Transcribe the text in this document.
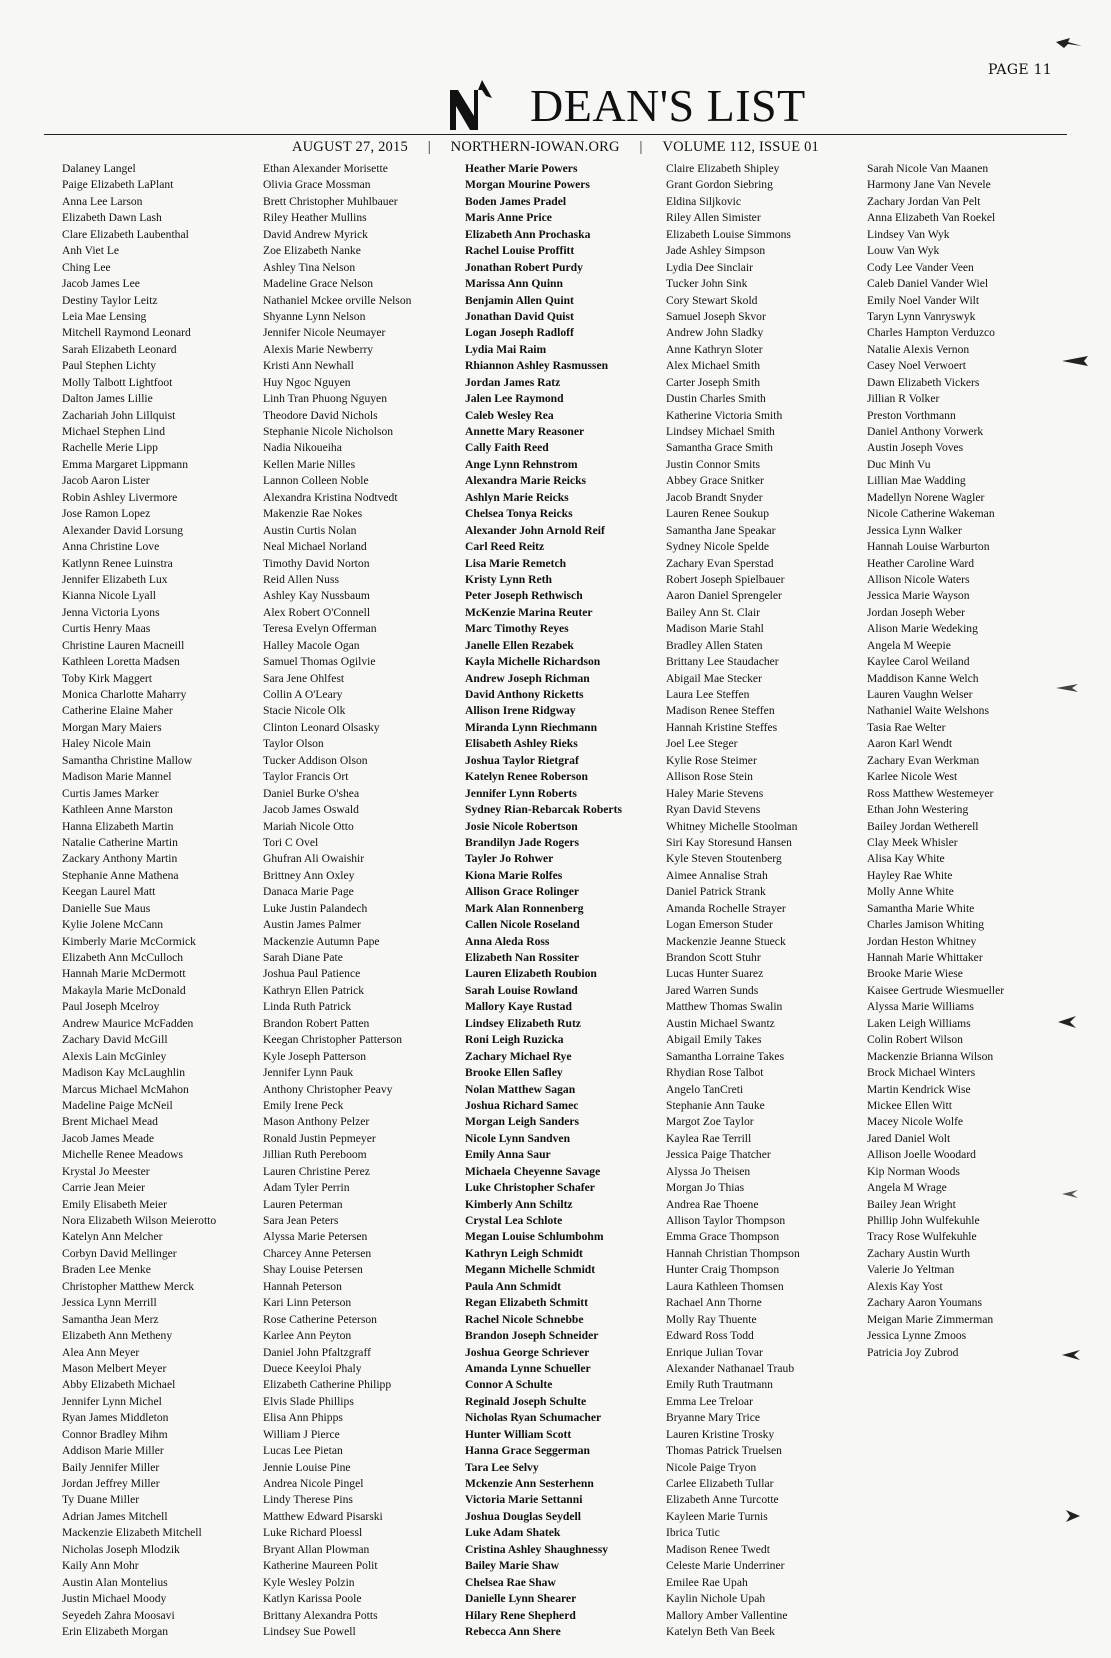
PAGE 11
DEAN'S LIST
AUGUST 27, 2015 | NORTHERN-IOWAN.ORG | VOLUME 112, ISSUE 01
Dalaney Langel
Paige Elizabeth LaPlant
Anna Lee Larson
Elizabeth Dawn Lash
Clare Elizabeth Laubenthal
Anh Viet Le
Ching Lee
Jacob James Lee
Destiny Taylor Leitz
Leia Mae Lensing
Mitchell Raymond Leonard
Sarah Elizabeth Leonard
Paul Stephen Lichty
Molly Talbott Lightfoot
Dalton James Lillie
Zachariah John Lillquist
Michael Stephen Lind
Rachelle Merie Lipp
Emma Margaret Lippmann
Jacob Aaron Lister
Robin Ashley Livermore
Jose Ramon Lopez
Alexander David Lorsung
Anna Christine Love
Katlynn Renee Luinstra
Jennifer Elizabeth Lux
Kianna Nicole Lyall
Jenna Victoria Lyons
Curtis Henry Maas
Christine Lauren Macneill
Kathleen Loretta Madsen
Toby Kirk Maggert
Monica Charlotte Maharry
Catherine Elaine Maher
Morgan Mary Maiers
Haley Nicole Main
Samantha Christine Mallow
Madison Marie Mannel
Curtis James Marker
Kathleen Anne Marston
Hanna Elizabeth Martin
Natalie Catherine Martin
Zackary Anthony Martin
Stephanie Anne Mathena
Keegan Laurel Matt
Danielle Sue Maus
Kylie Jolene McCann
Kimberly Marie McCormick
Elizabeth Ann McCulloch
Hannah Marie McDermott
Makayla Marie McDonald
Paul Joseph Mcelroy
Andrew Maurice McFadden
Zachary David McGill
Alexis Lain McGinley
Madison Kay McLaughlin
Marcus Michael McMahon
Madeline Paige McNeil
Brent Michael Mead
Jacob James Meade
Michelle Renee Meadows
Krystal Jo Meester
Carrie Jean Meier
Emily Elisabeth Meier
Nora Elizabeth Wilson Meierotto
Katelyn Ann Melcher
Corbyn David Mellinger
Braden Lee Menke
Christopher Matthew Merck
Jessica Lynn Merrill
Samantha Jean Merz
Elizabeth Ann Metheny
Alea Ann Meyer
Mason Melbert Meyer
Abby Elizabeth Michael
Jennifer Lynn Michel
Ryan James Middleton
Connor Bradley Mihm
Addison Marie Miller
Baily Jennifer Miller
Jordan Jeffrey Miller
Ty Duane Miller
Adrian James Mitchell
Mackenzie Elizabeth Mitchell
Nicholas Joseph Mlodzik
Kaily Ann Mohr
Austin Alan Montelius
Justin Michael Moody
Seyedeh Zahra Moosavi
Erin Elizabeth Morgan
Ethan Alexander Morisette
Olivia Grace Mossman
Brett Christopher Muhlbauer
Riley Heather Mullins
David Andrew Myrick
Zoe Elizabeth Nanke
Ashley Tina Nelson
Madeline Grace Nelson
Nathaniel Mckee orville Nelson
Shyanne Lynn Nelson
Jennifer Nicole Neumayer
Alexis Marie Newberry
Kristi Ann Newhall
Huy Ngoc Nguyen
Linh Tran Phuong Nguyen
Theodore David Nichols
Stephanie Nicole Nicholson
Nadia Nikoueiha
Kellen Marie Nilles
Lannon Colleen Noble
Alexandra Kristina Nodtvedt
Makenzie Rae Nokes
Austin Curtis Nolan
Neal Michael Norland
Timothy David Norton
Reid Allen Nuss
Ashley Kay Nussbaum
Alex Robert O'Connell
Teresa Evelyn Offerman
Halley Macole Ogan
Samuel Thomas Ogilvie
Sara Jene Ohlfest
Collin A O'Leary
Stacie Nicole Olk
Clinton Leonard Olsasky
Taylor Olson
Tucker Addison Olson
Taylor Francis Ort
Daniel Burke O'shea
Jacob James Oswald
Mariah Nicole Otto
Tori C Ovel
Ghufran Ali Owaishir
Brittney Ann Oxley
Danaca Marie Page
Luke Justin Palandech
Austin James Palmer
Mackenzie Autumn Pape
Sarah Diane Pate
Joshua Paul Patience
Kathryn Ellen Patrick
Linda Ruth Patrick
Brandon Robert Patten
Keegan Christopher Patterson
Kyle Joseph Patterson
Jennifer Lynn Pauk
Anthony Christopher Peavy
Emily Irene Peck
Mason Anthony Pelzer
Ronald Justin Pepmeyer
Jillian Ruth Pereboom
Lauren Christine Perez
Adam Tyler Perrin
Lauren Peterman
Sara Jean Peters
Alyssa Marie Petersen
Charcey Anne Petersen
Shay Louise Petersen
Hannah Peterson
Kari Linn Peterson
Rose Catherine Peterson
Karlee Ann Peyton
Daniel John Pfaltzgraff
Duece Keeyloi Phaly
Elizabeth Catherine Philipp
Elvis Slade Phillips
Elisa Ann Phipps
William J Pierce
Lucas Lee Pietan
Jennie Louise Pine
Andrea Nicole Pingel
Lindy Therese Pins
Matthew Edward Pisarski
Luke Richard Ploessl
Bryant Allan Plowman
Katherine Maureen Polit
Kyle Wesley Polzin
Katlyn Karissa Poole
Brittany Alexandra Potts
Lindsey Sue Powell
Heather Marie Powers
Morgan Mourine Powers
Boden James Pradel
Maris Anne Price
Elizabeth Ann Prochaska
Rachel Louise Proffitt
Jonathan Robert Purdy
Marissa Ann Quinn
Benjamin Allen Quint
Jonathan David Quist
Logan Joseph Radloff
Lydia Mai Raim
Rhiannon Ashley Rasmussen
Jordan James Ratz
Jalen Lee Raymond
Caleb Wesley Rea
Annette Mary Reasoner
Cally Faith Reed
Ange Lynn Rehnstrom
Alexandra Marie Reicks
Ashlyn Marie Reicks
Chelsea Tonya Reicks
Alexander John Arnold Reif
Carl Reed Reitz
Lisa Marie Remetch
Kristy Lynn Reth
Peter Joseph Rethwisch
McKenzie Marina Reuter
Marc Timothy Reyes
Janelle Ellen Rezabek
Kayla Michelle Richardson
Andrew Joseph Richman
David Anthony Ricketts
Allison Irene Ridgway
Miranda Lynn Riechmann
Elisabeth Ashley Rieks
Joshua Taylor Rietgraf
Katelyn Renee Roberson
Jennifer Lynn Roberts
Sydney Rian-Rebarcak Roberts
Josie Nicole Robertson
Brandilyn Jade Rogers
Tayler Jo Rohwer
Kiona Marie Rolfes
Allison Grace Rolinger
Mark Alan Ronnenberg
Callen Nicole Roseland
Anna Aleda Ross
Elizabeth Nan Rossiter
Lauren Elizabeth Roubion
Sarah Louise Rowland
Mallory Kaye Rustad
Lindsey Elizabeth Rutz
Roni Leigh Ruzicka
Zachary Michael Rye
Brooke Ellen Safley
Nolan Matthew Sagan
Joshua Richard Samec
Morgan Leigh Sanders
Nicole Lynn Sandven
Emily Anna Saur
Michaela Cheyenne Savage
Luke Christopher Schafer
Kimberly Ann Schiltz
Crystal Lea Schlote
Megan Louise Schlumbohm
Kathryn Leigh Schmidt
Megann Michelle Schmidt
Paula Ann Schmidt
Regan Elizabeth Schmitt
Rachel Nicole Schnebbe
Brandon Joseph Schneider
Joshua George Schriever
Amanda Lynne Schueller
Connor A Schulte
Reginald Joseph Schulte
Nicholas Ryan Schumacher
Hunter William Scott
Hanna Grace Seggerman
Tara Lee Selvy
Mckenzie Ann Sesterhenn
Victoria Marie Settanni
Joshua Douglas Seydell
Luke Adam Shatek
Cristina Ashley Shaughnessy
Bailey Marie Shaw
Chelsea Rae Shaw
Danielle Lynn Shearer
Hilary Rene Shepherd
Rebecca Ann Shere
Claire Elizabeth Shipley
Grant Gordon Siebring
Eldina Siljkovic
Riley Allen Simister
Elizabeth Louise Simmons
Jade Ashley Simpson
Lydia Dee Sinclair
Tucker John Sink
Cory Stewart Skold
Samuel Joseph Skvor
Andrew John Sladky
Anne Kathryn Sloter
Alex Michael Smith
Carter Joseph Smith
Dustin Charles Smith
Katherine Victoria Smith
Lindsey Michael Smith
Samantha Grace Smith
Justin Connor Smits
Abbey Grace Snitker
Jacob Brandt Snyder
Lauren Renee Soukup
Samantha Jane Speakar
Sydney Nicole Spelde
Zachary Evan Sperstad
Robert Joseph Spielbauer
Aaron Daniel Sprengeler
Bailey Ann St. Clair
Madison Marie Stahl
Bradley Allen Staten
Brittany Lee Staudacher
Abigail Mae Stecker
Laura Lee Steffen
Madison Renee Steffen
Hannah Kristine Steffes
Joel Lee Steger
Kylie Rose Steimer
Allison Rose Stein
Haley Marie Stevens
Ryan David Stevens
Whitney Michelle Stoolman
Siri Kay Storesund Hansen
Kyle Steven Stoutenberg
Aimee Annalise Strah
Daniel Patrick Strank
Amanda Rochelle Strayer
Logan Emerson Studer
Mackenzie Jeanne Stueck
Brandon Scott Stuhr
Lucas Hunter Suarez
Jared Warren Sunds
Matthew Thomas Swalin
Austin Michael Swantz
Abigail Emily Takes
Samantha Lorraine Takes
Rhydian Rose Talbot
Angelo TanCreti
Stephanie Ann Tauke
Margot Zoe Taylor
Kaylea Rae Terrill
Jessica Paige Thatcher
Alyssa Jo Theisen
Morgan Jo Thias
Andrea Rae Thoene
Allison Taylor Thompson
Emma Grace Thompson
Hannah Christian Thompson
Hunter Craig Thompson
Laura Kathleen Thomsen
Rachael Ann Thorne
Molly Ray Thuente
Edward Ross Todd
Enrique Julian Tovar
Alexander Nathanael Traub
Emily Ruth Trautmann
Emma Lee Treloar
Bryanne Mary Trice
Lauren Kristine Trosky
Thomas Patrick Truelsen
Nicole Paige Tryon
Carlee Elizabeth Tullar
Elizabeth Anne Turcotte
Kayleen Marie Turnis
Ibrica Tutic
Madison Renee Twedt
Celeste Marie Underriner
Emilee Rae Upah
Kaylin Nichole Upah
Mallory Amber Vallentine
Katelyn Beth Van Beek
Sarah Nicole Van Maanen
Harmony Jane Van Nevele
Zachary Jordan Van Pelt
Anna Elizabeth Van Roekel
Lindsey Van Wyk
Louw Van Wyk
Cody Lee Vander Veen
Caleb Daniel Vander Wiel
Emily Noel Vander Wilt
Taryn Lynn Vanryswyk
Charles Hampton Verduzco
Natalie Alexis Vernon
Casey Noel Verwoert
Dawn Elizabeth Vickers
Jillian R Volker
Preston Vorthmann
Daniel Anthony Vorwerk
Austin Joseph Voves
Duc Minh Vu
Lillian Mae Wadding
Madellyn Norene Wagler
Nicole Catherine Wakeman
Jessica Lynn Walker
Hannah Louise Warburton
Heather Caroline Ward
Allison Nicole Waters
Jessica Marie Wayson
Jordan Joseph Weber
Alison Marie Wedeking
Angela M Weepie
Kaylee Carol Weiland
Maddison Kanne Welch
Lauren Vaughn Welser
Nathaniel Waite Welshons
Tasia Rae Welter
Aaron Karl Wendt
Zachary Evan Werkman
Karlee Nicole West
Ross Matthew Westemeyer
Ethan John Westering
Bailey Jordan Wetherell
Clay Meek Whisler
Alisa Kay White
Hayley Rae White
Molly Anne White
Samantha Marie White
Charles Jamison Whiting
Jordan Heston Whitney
Hannah Marie Whittaker
Brooke Marie Wiese
Kaisee Gertrude Wiesmueller
Alyssa Marie Williams
Laken Leigh Williams
Colin Robert Wilson
Mackenzie Brianna Wilson
Brock Michael Winters
Martin Kendrick Wise
Mickee Ellen Witt
Macey Nicole Wolfe
Jared Daniel Wolt
Allison Joelle Woodard
Kip Norman Woods
Angela M Wrage
Bailey Jean Wright
Phillip John Wulfekuhle
Tracy Rose Wulfekuhle
Zachary Austin Wurth
Valerie Jo Yeltman
Alexis Kay Yost
Zachary Aaron Youmans
Meigan Marie Zimmerman
Jessica Lynne Zmoos
Patricia Joy Zubrod
